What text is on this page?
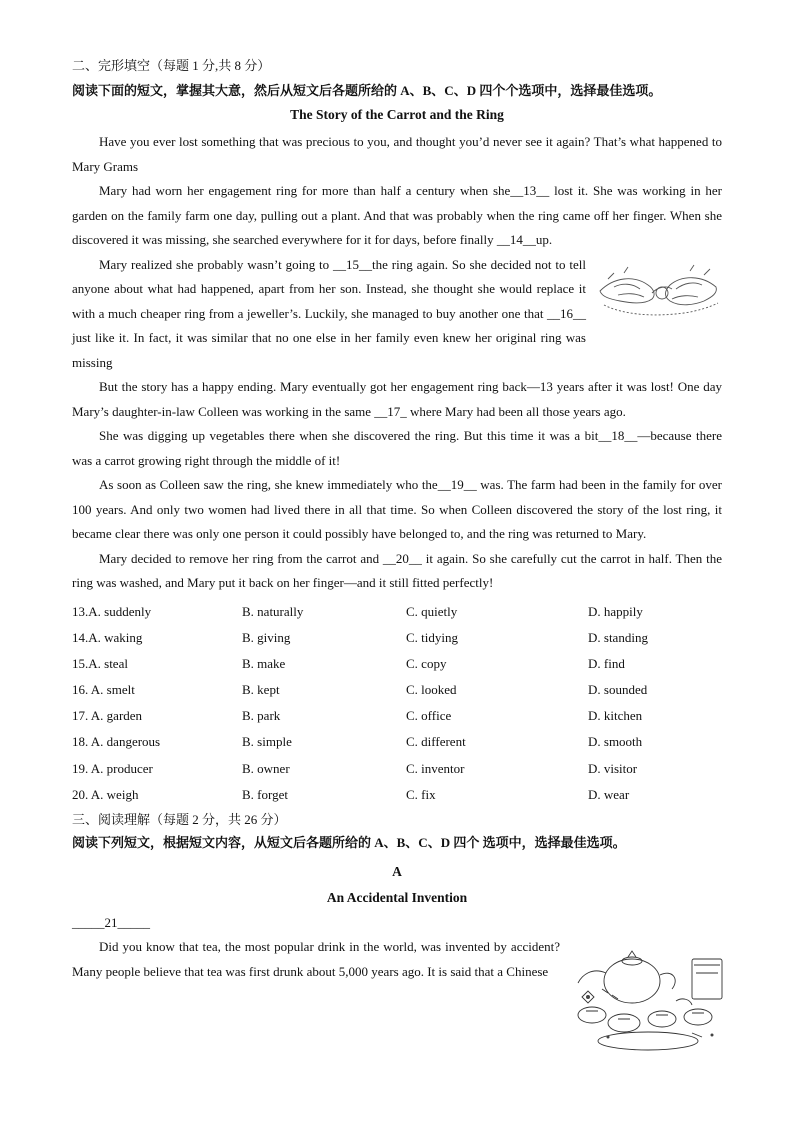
二、完形填空（每题 1 分,共 8 分）

阅读下面的短文，掌握其大意，然后从短文后各题所给的 A、B、C、D 四个个选项中，选择最佳选项。

The Story of the Carrot and the Ring

Have you ever lost something that was precious to you, and thought you’d never see it again? That’s what happened to Mary Grams

Mary had worn her engagement ring for more than half a century when she__13__ lost it. She was working in her garden on the family farm one day, pulling out a plant. And that was probably when the ring came off her finger. When she discovered it was missing, she searched everywhere for it for days, before finally __14__up.

Mary realized she probably wasn’t going to __15__the ring again. So she decided not to tell anyone about what had happened, apart from her son. Instead, she thought she would replace it with a much cheaper ring from a jeweller’s. Luckily, she managed to buy another one that __16__ just like it. In fact, it was similar that no one else in her family even knew her original ring was missing

But the story has a happy ending. Mary eventually got her engagement ring back—13 years after it was lost! One day Mary’s daughter-in-law Colleen was working in the same __17_ where Mary had been all those years ago.

She was digging up vegetables there when she discovered the ring. But this time it was a bit__18__—because there was a carrot growing right through the middle of it!

As soon as Colleen saw the ring, she knew immediately who the__19__ was. The farm had been in the family for over 100 years. And only two women had lived there in all that time. So when Colleen discovered the story of the lost ring, it became clear there was only one person it could possibly have belonged to, and the ring was returned to Mary.

Mary decided to remove her ring from the carrot and __20__ it again. So she carefully cut the carrot in half. Then the ring was washed, and Mary put it back on her finger—and it still fitted perfectly!

13.A. suddenly	B. naturally	C. quietly	D. happily
14.A. waking	B. giving	C. tidying	D. standing
15.A. steal	B. make	C. copy	D. find
16. A. smelt	B. kept	C. looked	D. sounded
17. A. garden	B. park	C. office	D. kitchen
18. A. dangerous	B. simple	C. different	D. smooth
19. A. producer	B. owner	C. inventor	D. visitor
20. A. weigh	B. forget	C. fix	D. wear

三、阅读理解（每题 2 分，共 26 分）

阅读下列短文，根据短文内容，从短文后各题所给的 A、B、C、D 四个 选项中，选择最佳选项。

A

An Accidental Invention

_____21_____

Did you know that tea, the most popular drink in the world, was invented by accident? Many people believe that tea was first drunk about 5,000 years ago. It is said that a Chinese
